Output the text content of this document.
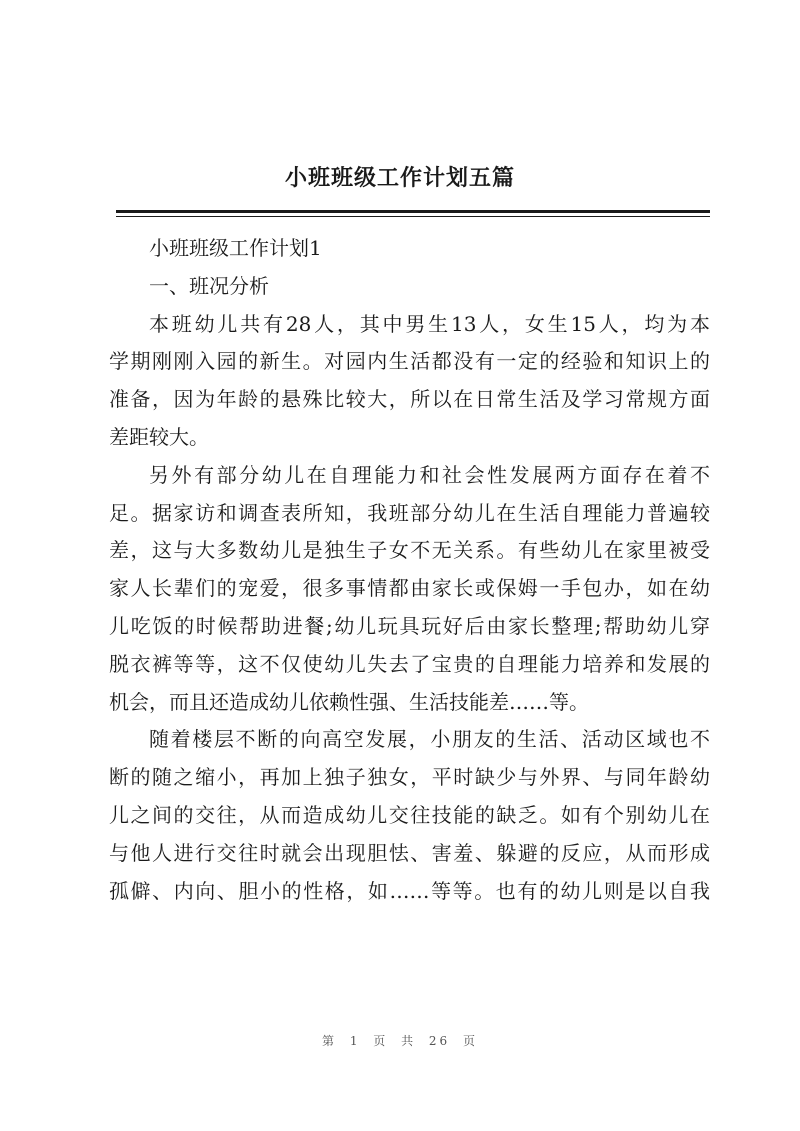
小班班级工作计划五篇
小班班级工作计划1
一、班况分析
本班幼儿共有28人，其中男生13人，女生15人，均为本
学期刚刚入园的新生。对园内生活都没有一定的经验和知识上的
准备，因为年龄的悬殊比较大，所以在日常生活及学习常规方面
差距较大。
另外有部分幼儿在自理能力和社会性发展两方面存在着不
足。据家访和调查表所知，我班部分幼儿在生活自理能力普遍较
差，这与大多数幼儿是独生子女不无关系。有些幼儿在家里被受
家人长辈们的宠爱，很多事情都由家长或保姆一手包办，如在幼
儿吃饭的时候帮助进餐;幼儿玩具玩好后由家长整理;帮助幼儿穿
脱衣裤等等，这不仅使幼儿失去了宝贵的自理能力培养和发展的
机会，而且还造成幼儿依赖性强、生活技能差……等。
随着楼层不断的向高空发展，小朋友的生活、活动区域也不
断的随之缩小，再加上独子独女，平时缺少与外界、与同年龄幼
儿之间的交往，从而造成幼儿交往技能的缺乏。如有个别幼儿在
与他人进行交往时就会出现胆怯、害羞、躲避的反应，从而形成
孤僻、内向、胆小的性格，如……等等。也有的幼儿则是以自我
第 1 页 共 26 页
